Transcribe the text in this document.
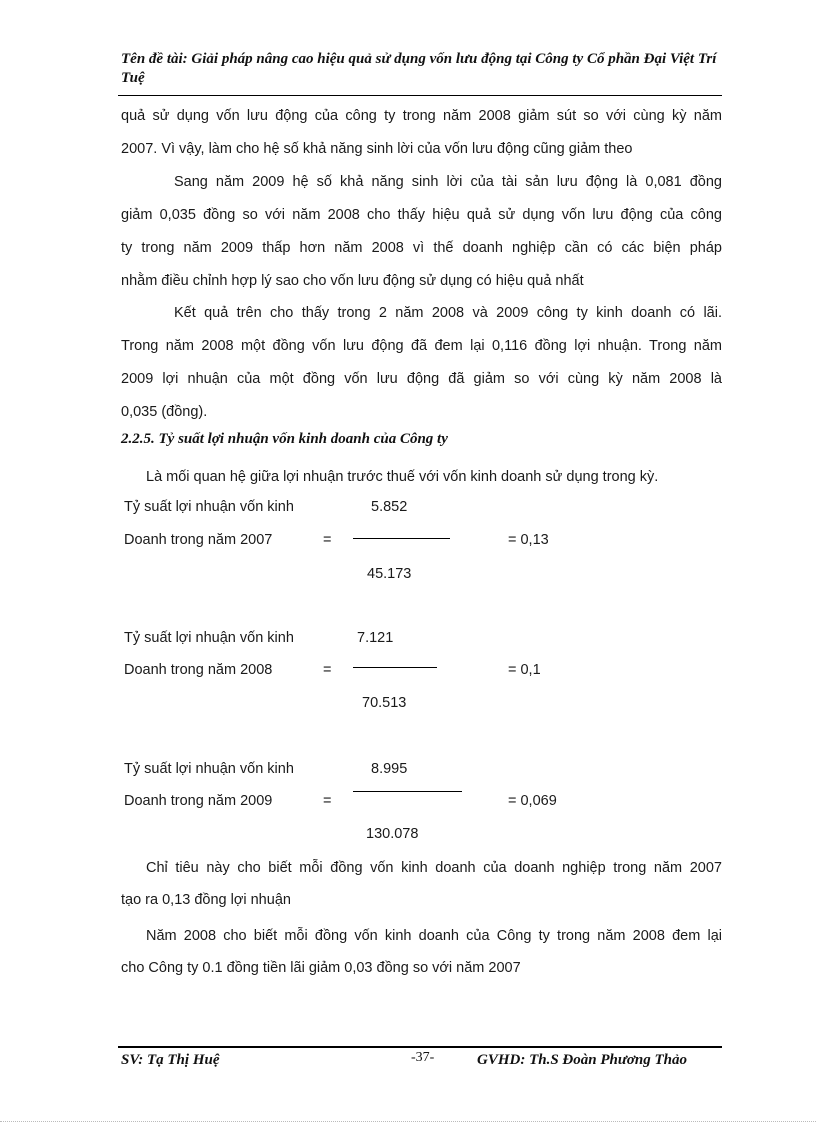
Tên đề tài: Giải pháp nâng cao hiệu quả sử dụng vốn lưu động tại Công ty Cổ phần Đại Việt Trí Tuệ
quả sử dụng vốn lưu động của công ty trong năm 2008 giảm sút so với cùng kỳ năm
2007. Vì vậy, làm cho hệ số khả năng sinh lời của vốn lưu động cũng giảm theo
Sang năm 2009 hệ số khả năng sinh lời của tài sản lưu động là 0,081 đồng
giảm 0,035 đồng so với năm 2008 cho thấy hiệu quả sử dụng vốn lưu động của công
ty trong năm 2009 thấp hơn năm 2008 vì thế doanh nghiệp cần có các biện pháp
nhằm điều chỉnh hợp lý sao cho vốn lưu động sử dụng có hiệu quả nhất
Kết quả trên cho thấy trong 2 năm 2008 và 2009 công ty kinh doanh có lãi.
Trong năm 2008 một đồng vốn lưu động đã đem lại 0,116 đồng lợi nhuận. Trong năm
2009 lợi nhuận của một đồng vốn lưu động đã giảm so với cùng kỳ năm 2008 là
0,035 (đồng).
2.2.5. Tỷ suất lợi nhuận vốn kinh doanh của Công ty
Là mối quan hệ giữa lợi nhuận trước thuế với vốn kinh doanh sử dụng trong kỳ.
Tỷ suất lợi nhuận vốn kinh
Doanh trong năm 2007	=
5.852
45.173
= 0,13
Tỷ suất lợi nhuận vốn kinh
Doanh trong năm 2008	=
7.121
70.513
= 0,1
Tỷ suất lợi nhuận vốn kinh
Doanh trong năm 2009	=
8.995
130.078
= 0,069
Chỉ tiêu này cho biết mỗi đồng vốn kinh doanh của doanh nghiệp trong năm 2007
tạo ra 0,13 đồng lợi nhuận
Năm 2008 cho biết mỗi đồng vốn kinh doanh của Công ty trong năm 2008 đem lại
cho Công ty 0.1 đồng tiền lãi giảm 0,03 đồng so với năm 2007
SV: Tạ Thị Huệ	-37-	GVHD: Th.S Đoàn Phương Thảo
